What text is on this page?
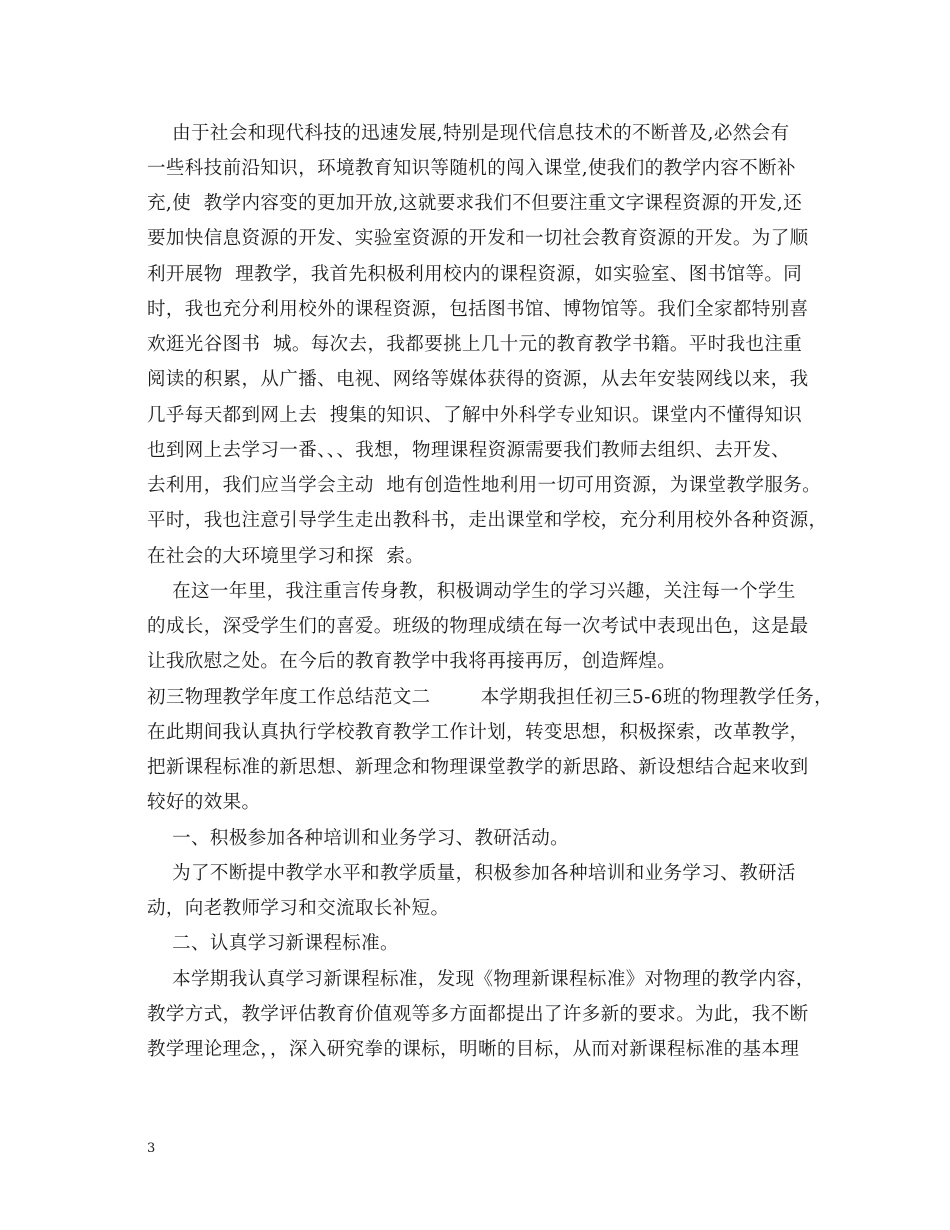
由于社会和现代科技的迅速发展,特别是现代信息技术的不断普及,必然会有
一些科技前沿知识，环境教育知识等随机的闯入课堂,使我们的教学内容不断补
充,使  教学内容变的更加开放,这就要求我们不但要注重文字课程资源的开发,还
要加快信息资源的开发、实验室资源的开发和一切社会教育资源的开发。为了顺
利开展物  理教学，我首先积极利用校内的课程资源，如实验室、图书馆等。同
时，我也充分利用校外的课程资源，包括图书馆、博物馆等。我们全家都特别喜
欢逛光谷图书  城。每次去，我都要挑上几十元的教育教学书籍。平时我也注重
阅读的积累，从广播、电视、网络等媒体获得的资源，从去年安装网线以来，我
几乎每天都到网上去  搜集的知识、了解中外科学专业知识。课堂内不懂得知识
也到网上去学习一番、、、我想，物理课程资源需要我们教师去组织、去开发、
去利用，我们应当学会主动  地有创造性地利用一切可用资源，为课堂教学服务。
平时，我也注意引导学生走出教科书，走出课堂和学校，充分利用校外各种资源，
在社会的大环境里学习和探  索。
在这一年里，我注重言传身教，积极调动学生的学习兴趣，关注每一个学生
的成长，深受学生们的喜爱。班级的物理成绩在每一次考试中表现出色，这是最
让我欣慰之处。在今后的教育教学中我将再接再厉，创造辉煌。
初三物理教学年度工作总结范文二        本学期我担任初三5-6班的物理教学任务，
在此期间我认真执行学校教育教学工作计划，转变思想，积极探索，改革教学，
把新课程标准的新思想、新理念和物理课堂教学的新思路、新设想结合起来收到
较好的效果。
一、积极参加各种培训和业务学习、教研活动。
为了不断提中教学水平和教学质量，积极参加各种培训和业务学习、教研活
动，向老教师学习和交流取长补短。
二、认真学习新课程标准。
本学期我认真学习新课程标准，发现《物理新课程标准》对物理的教学内容，
教学方式，教学评估教育价值观等多方面都提出了许多新的要求。为此，我不断
教学理论理念，，深入研究拳的课标，明晰的目标，从而对新课程标准的基本理
3
